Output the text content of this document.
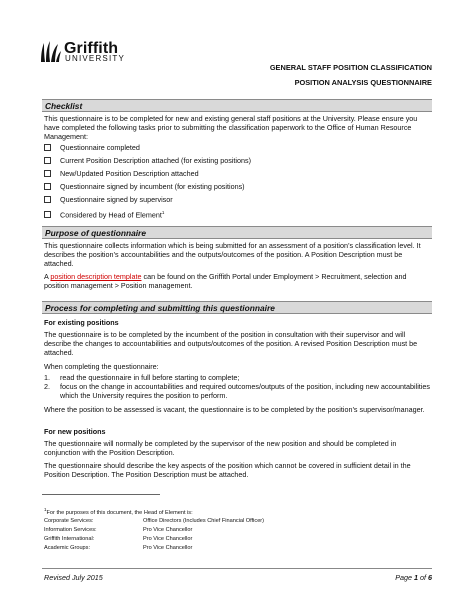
Griffith
UNIVERSITY
GENERAL STAFF POSITION CLASSIFICATION
POSITION ANALYSIS QUESTIONNAIRE
Checklist
This questionnaire is to be completed for new and existing general staff positions at the University. Please ensure you have completed the following tasks prior to submitting the classification paperwork to the Office of Human Resource Management:
Questionnaire completed
Current Position Description attached (for existing positions)
New/Updated Position Description attached
Questionnaire signed by incumbent (for existing positions)
Questionnaire signed by supervisor
Considered by Head of Element$^1$
Purpose of questionnaire
This questionnaire collects information which is being submitted for an assessment of a position’s classification level. It describes the position’s accountabilities and the outputs/outcomes of the position. A Position Description must be attached.
A position description template can be found on the Griffith Portal under Employment > Recruitment, selection and position management > Position management.
Process for completing and submitting this questionnaire
For existing positions
The questionnaire is to be completed by the incumbent of the position in consultation with their supervisor and will describe the changes to accountabilities and outputs/outcomes of the position. A revised Position Description must be attached.
When completing the questionnaire:
1.	read the questionnaire in full before starting to complete;
2.	focus on the change in accountabilities and required outcomes/outputs of the position, including new accountabilities which the University requires the position to perform.
Where the position to be assessed is vacant, the questionnaire is to be completed by the position’s supervisor/manager.
For new positions
The questionnaire will normally be completed by the supervisor of the new position and should be completed in conjunction with the Position Description.
The questionnaire should describe the key aspects of the position which cannot be covered in sufficient detail in the Position Description. The Position Description must be attached.
$^1$For the purposes of this document, the Head of Element is:
Corporate Services:	Office Directors (Includes Chief Financial Officer)
Information Services:	Pro Vice Chancellor
Griffith International:	Pro Vice Chancellor
Academic Groups:	Pro Vice Chancellor
Revised July 2015	Page 1 of 6
